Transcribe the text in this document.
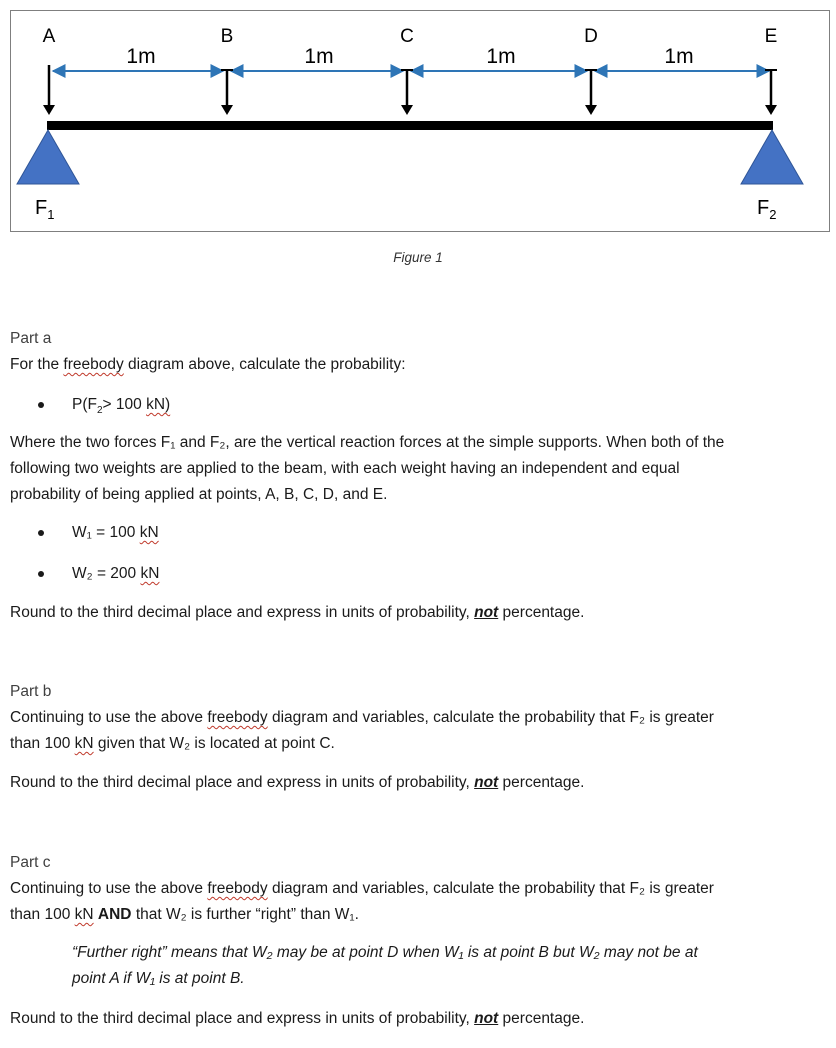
A	B	C	D	E
1m	1m	1m	1m
$F_1$	$F_2$
Figure 1
Part a
For the freebody diagram above, calculate the probability:
$P(F_2> 100$ kN)
Where the two forces F₁ and F₂, are the vertical reaction forces at the simple supports. When both of the
following two weights are applied to the beam, with each weight having an independent and equal
probability of being applied at points, A, B, C, D, and E.
W₁ = 100 kN
W₂ = 200 kN
Round to the third decimal place and express in units of probability, not percentage.
Part b
Continuing to use the above freebody diagram and variables, calculate the probability that F₂ is greater
than 100 kN given that W₂ is located at point C.
Round to the third decimal place and express in units of probability, not percentage.
Part c
Continuing to use the above freebody diagram and variables, calculate the probability that F₂ is greater
than 100 kN AND that W₂ is further “right” than W₁.
“Further right” means that W₂ may be at point D when W₁ is at point B but W₂ may not be at
point A if W₁ is at point B.
Round to the third decimal place and express in units of probability, not percentage.
